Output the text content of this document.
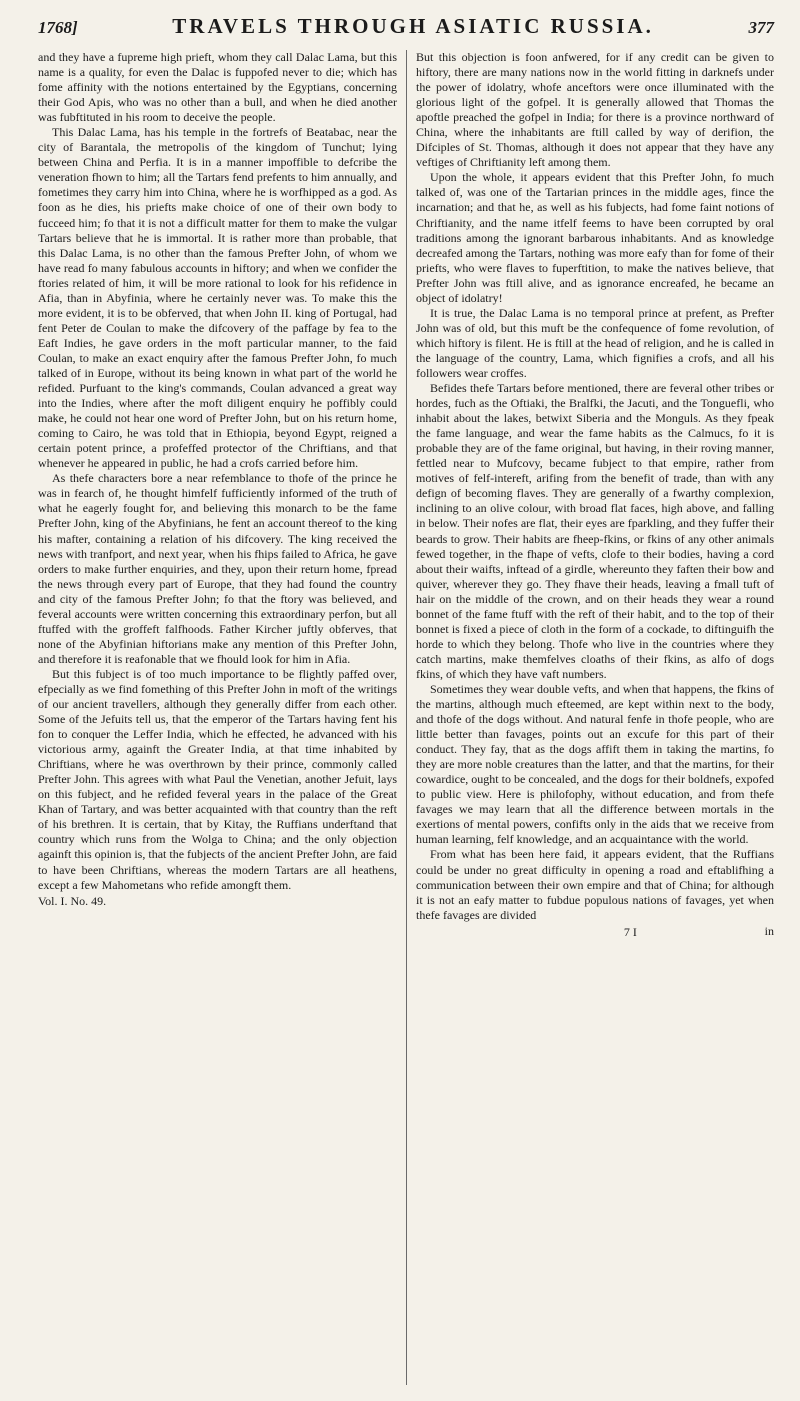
1768]	TRAVELS THROUGH ASIATIC RUSSIA.	377

and they have a fupreme high prieft, whom they call Dalac Lama, but this name is a quality, for even the Dalac is fuppofed never to die; which has fome affinity with the notions entertained by the Egyptians, concerning their God Apis, who was no other than a bull, and when he died another was fubftituted in his room to deceive the people.

This Dalac Lama, has his temple in the fortrefs of Beatabac, near the city of Barantala, the metropolis of the kingdom of Tunchut; lying between China and Perfia. It is in a manner impoffible to defcribe the veneration fhown to him; all the Tartars fend prefents to him annually, and fometimes they carry him into China, where he is worfhipped as a god. As foon as he dies, his priefts make choice of one of their own body to fucceed him; fo that it is not a difficult matter for them to make the vulgar Tartars believe that he is immortal. It is rather more than probable, that this Dalac Lama, is no other than the famous Prefter John, of whom we have read fo many fabulous accounts in hiftory; and when we confider the ftories related of him, it will be more rational to look for his refidence in Afia, than in Abyfinia, where he certainly never was. To make this the more evident, it is to be obferved, that when John II. king of Portugal, had fent Peter de Coulan to make the difcovery of the paffage by fea to the Eaft Indies, he gave orders in the moft particular manner, to the faid Coulan, to make an exact enquiry after the famous Prefter John, fo much talked of in Europe, without its being known in what part of the world he refided. Purfuant to the king's commands, Coulan advanced a great way into the Indies, where after the moft diligent enquiry he poffibly could make, he could not hear one word of Prefter John, but on his return home, coming to Cairo, he was told that in Ethiopia, beyond Egypt, reigned a certain potent prince, a profeffed protector of the Chriftians, and that whenever he appeared in public, he had a crofs carried before him.

As thefe characters bore a near refemblance to thofe of the prince he was in fearch of, he thought himfelf fufficiently informed of the truth of what he eagerly fought for, and believing this monarch to be the fame Prefter John, king of the Abyfinians, he fent an account thereof to the king his mafter, containing a relation of his difcovery. The king received the news with tranfport, and next year, when his fhips failed to Africa, he gave orders to make further enquiries, and they, upon their return home, fpread the news through every part of Europe, that they had found the country and city of the famous Prefter John; fo that the ftory was believed, and feveral accounts were written concerning this extraordinary perfon, but all ftuffed with the groffeft falfhoods. Father Kircher juftly obferves, that none of the Abyfinian hiftorians make any mention of this Prefter John, and therefore it is reafonable that we fhould look for him in Afia.

But this fubject is of too much importance to be flightly paffed over, efpecially as we find fomething of this Prefter John in moft of the writings of our ancient travellers, although they generally differ from each other. Some of the Jefuits tell us, that the emperor of the Tartars having fent his fon to conquer the Leffer India, which he effected, he advanced with his victorious army, againft the Greater India, at that time inhabited by Chriftians, where he was overthrown by their prince, commonly called Prefter John. This agrees with what Paul the Venetian, another Jefuit, lays on this fubject, and he refided feveral years in the palace of the Great Khan of Tartary, and was better acquainted with that country than the reft of his brethren. It is certain, that by Kitay, the Ruffians underftand that country which runs from the Wolga to China; and the only objection againft this opinion is, that the fubjects of the ancient Prefter John, are faid to have been Chriftians, whereas the modern Tartars are all heathens, except a few Mahometans who refide amongft them.

Vol. I. No. 49.

But this objection is foon anfwered, for if any credit can be given to hiftory, there are many nations now in the world fitting in darknefs under the power of idolatry, whofe anceftors were once illuminated with the glorious light of the gofpel. It is generally allowed that Thomas the apoftle preached the gofpel in India; for there is a province northward of China, where the inhabitants are ftill called by way of derifion, the Difciples of St. Thomas, although it does not appear that they have any veftiges of Chriftianity left among them.

Upon the whole, it appears evident that this Prefter John, fo much talked of, was one of the Tartarian princes in the middle ages, fince the incarnation; and that he, as well as his fubjects, had fome faint notions of Chriftianity, and the name itfelf feems to have been corrupted by oral traditions among the ignorant barbarous inhabitants. And as knowledge decreafed among the Tartars, nothing was more eafy than for fome of their priefts, who were flaves to fuperftition, to make the natives believe, that Prefter John was ftill alive, and as ignorance encreafed, he became an object of idolatry!

It is true, the Dalac Lama is no temporal prince at prefent, as Prefter John was of old, but this muft be the confequence of fome revolution, of which hiftory is filent. He is ftill at the head of religion, and he is called in the language of the country, Lama, which fignifies a crofs, and all his followers wear croffes.

Befides thefe Tartars before mentioned, there are feveral other tribes or hordes, fuch as the Oftiaki, the Bralfki, the Jacuti, and the Tonguefli, who inhabit about the lakes, betwixt Siberia and the Monguls. As they fpeak the fame language, and wear the fame habits as the Calmucs, fo it is probable they are of the fame original, but having, in their roving manner, fettled near to Mufcovy, became fubject to that empire, rather from motives of felf-intereft, arifing from the benefit of trade, than with any defign of becoming flaves. They are generally of a fwarthy complexion, inclining to an olive colour, with broad flat faces, high above, and falling in below. Their nofes are flat, their eyes are fparkling, and they fuffer their beards to grow. Their habits are fheep-fkins, or fkins of any other animals fewed together, in the fhape of vefts, clofe to their bodies, having a cord about their waifts, inftead of a girdle, whereunto they faften their bow and quiver, wherever they go. They fhave their heads, leaving a fmall tuft of hair on the middle of the crown, and on their heads they wear a round bonnet of the fame ftuff with the reft of their habit, and to the top of their bonnet is fixed a piece of cloth in the form of a cockade, to diftinguifh the horde to which they belong. Thofe who live in the countries where they catch martins, make themfelves cloaths of their fkins, as alfo of dogs fkins, of which they have vaft numbers.

Sometimes they wear double vefts, and when that happens, the fkins of the martins, although much efteemed, are kept within next to the body, and thofe of the dogs without. And natural fenfe in thofe people, who are little better than favages, points out an excufe for this part of their conduct. They fay, that as the dogs affift them in taking the martins, fo they are more noble creatures than the latter, and that the martins, for their cowardice, ought to be concealed, and the dogs for their boldnefs, expofed to public view. Here is philofophy, without education, and from thefe favages we may learn that all the difference between mortals in the exertions of mental powers, confifts only in the aids that we receive from human learning, felf knowledge, and an acquaintance with the world.

From what has been here faid, it appears evident, that the Ruffians could be under no great difficulty in opening a road and eftablifhing a communication between their own empire and that of China; for although it is not an eafy matter to fubdue populous nations of favages, yet when thefe favages are divided

7 I	in
